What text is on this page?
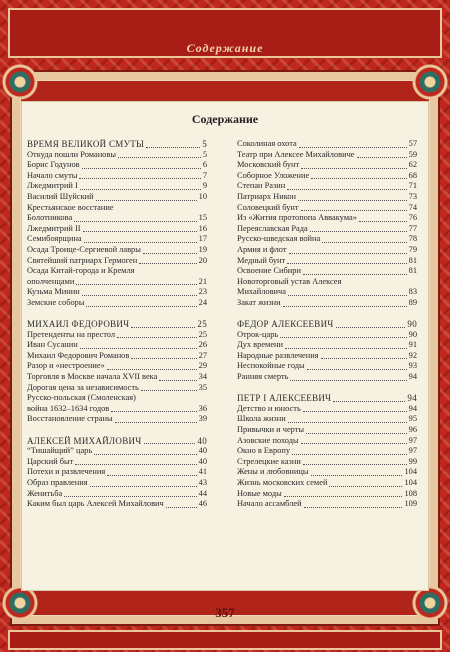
Содержание
Содержание
ВРЕМЯ ВЕЛИКОЙ СМУТЫ	5
Откуда пошли Романовы	5
Борис Годунов	6
Начало смуты	7
Лжедмитрий I	9
Василий Шуйский	10
Крестьянское восстание
Болотникова	15
Лжедмитрий II	16
Семибоярщина	17
Осада Троице-Сергиевой лавры	19
Святейший патриарх Гермоген	20
Осада Китай-города и Кремля
ополченцами	21
Кузьма Минин	23
Земские соборы	24
МИХАИЛ ФЕДОРОВИЧ	25
Претенденты на престол	25
Иван Сусанин	26
Михаил Федорович Романов	27
Разор и «нестроение»	29
Торговля в Москве начала XVII века	34
Дорогая цена за независимость	35
Русско-польская (Смоленская)
война 1632–1634 годов	36
Восстановление страны	39
АЛЕКСЕЙ МИХАЙЛОВИЧ	40
“Тишайщий” царь	40
Царский быт	40
Потехи и развлечения	41
Образ правления	43
Женитьба	44
Каким был царь Алексей Михайлович	46
Соколиная охота	57
Театр при Алексее Михайловиче	59
Московский бунт	62
Соборное Уложение	68
Степан Разин	71
Патриарх Никон	73
Соловецкий бунт	74
Из «Жития протопопа Аввакума»	76
Переяславская Рада	77
Русско-шведская война	78
Армия и флот	79
Медный бунт	81
Освоение Сибири	81
Новоторговый устав Алексея
Михайловича	83
Закат жизни	89
ФЕДОР АЛЕКСЕЕВИЧ	90
Отрок-царь	90
Дух времени	91
Народные развлечения	92
Неспокойные годы	93
Ранняя смерть	94
ПЕТР I АЛЕКСЕЕВИЧ	94
Детство и юность	94
Школа жизни	95
Привычки и черты	96
Азовские походы	97
Окно в Европу	97
Стрелецкие казни	99
Жены и любовницы	104
Жизнь московских семей	104
Новые моды	108
Начало ассамблей	109
357
